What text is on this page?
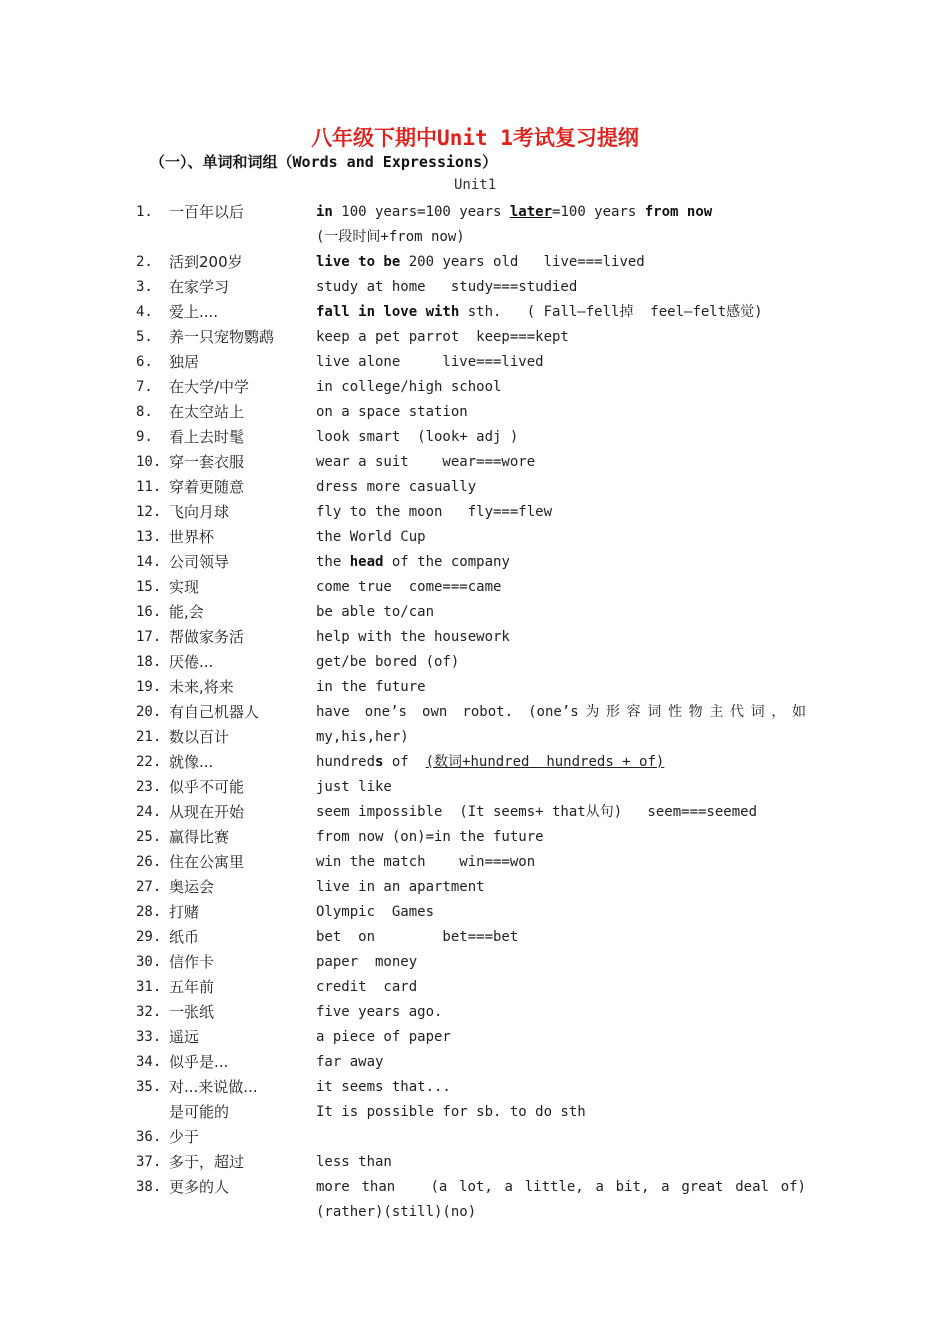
八年级下期中Unit 1考试复习提纲
（一）、单词和词组（Words and Expressions）
Unit1
1. 一百年以后	in 100 years=100 years later=100 years from now
(一段时间+from now)
2. 活到200岁	live to be 200 years old   live===lived
3. 在家学习	study at home   study===studied
4. 爱上....	fall in love with sth.   ( Fall—fell掉  feel—felt感觉)
5. 养一只宠物鹦鹉	keep a pet parrot  keep===kept
6. 独居	live alone     live===lived
7. 在大学/中学	in college/high school
8. 在太空站上	on a space station
9. 看上去时髦	look smart  (look+ adj )
10. 穿一套衣服	wear a suit    wear===wore
11. 穿着更随意	dress more casually
12. 飞向月球	fly to the moon   fly===flew
13. 世界杯	the World Cup
14. 公司领导	the head of the company
15. 实现	come true  come===came
16. 能,会	be able to/can
17. 帮做家务活	help with the housework
18. 厌倦...	get/be bored (of)
19. 未来,将来	in the future
20. 有自己机器人	have one’s own robot. (one’s为形容词性物主代词，如
21. 数以百计	my,his,her)
22. 就像...	hundreds of  (数词+hundred  hundreds + of)
23. 似乎不可能	just like
24. 从现在开始	seem impossible  (It seems+ that从句)   seem===seemed
25. 赢得比赛	from now (on)=in the future
26. 住在公寓里	win the match    win===won
27. 奥运会	live in an apartment
28. 打赌	Olympic  Games
29. 纸币	bet  on        bet===bet
30. 信作卡	paper  money
31. 五年前	credit  card
32. 一张纸	five years ago.
33. 遥远	a piece of paper
34. 似乎是...	far away
35. 对...来说做...	it seems that...
是可能的	It is possible for sb. to do sth
36. 少于
37. 多于，超过	less than
38. 更多的人	more than   (a lot, a little, a bit, a great deal of)
(rather)(still)(no)
